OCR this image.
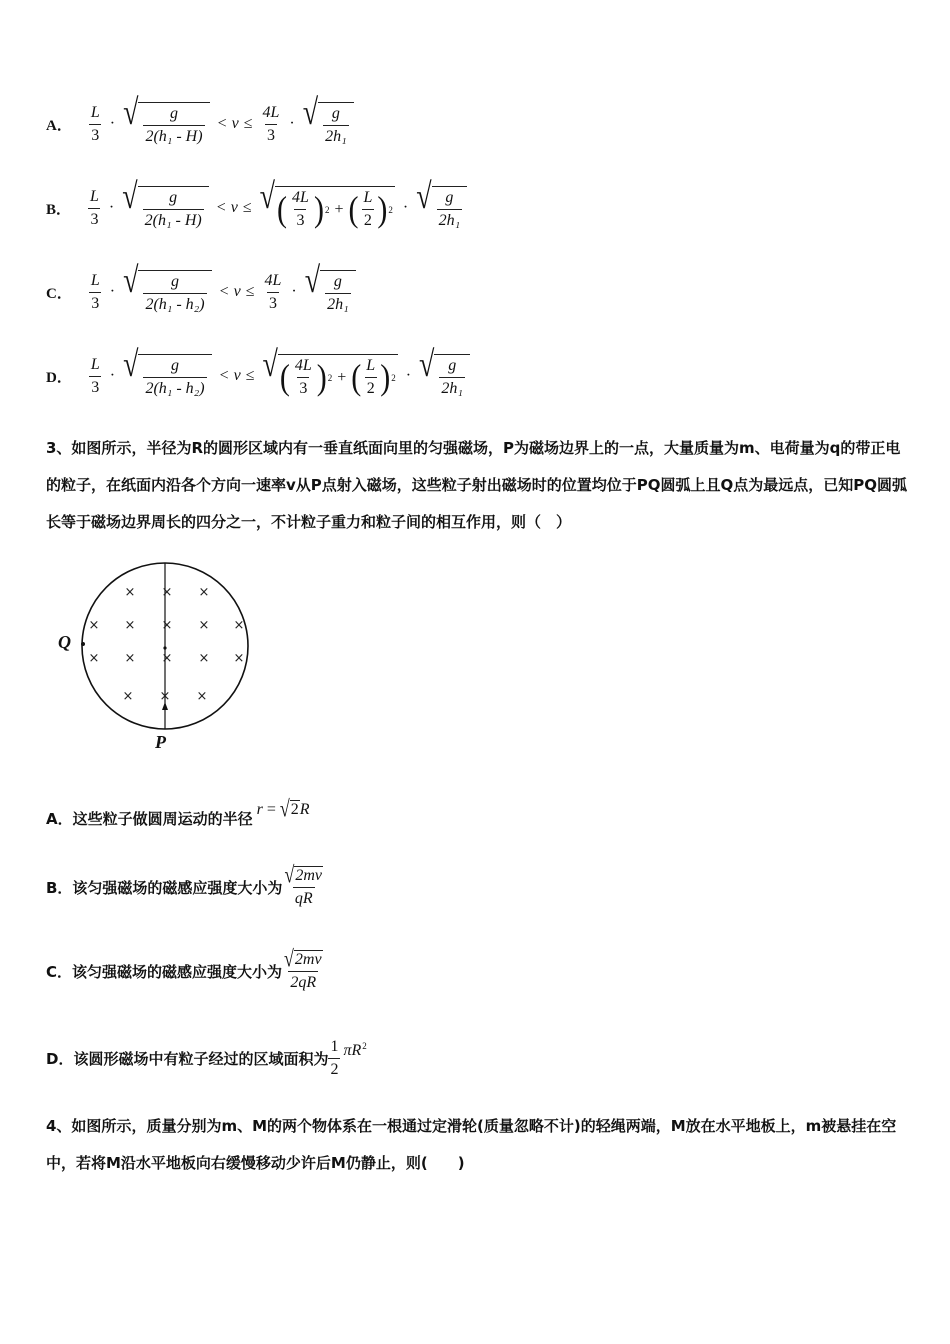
A． $\frac{L}{3}$ · √ $\frac{g}{\text{2(h₁ - H)}} < v \le \frac{4L}{3}$ · √ $\frac{g}{\text{2h₁}}$
B． $\frac{L}{3}$ · √ $\frac{g}{\text{2(h₁ - H)}} < v$ ≤ √ ( $\frac{4L}{3}$ ) 2 + ( $\frac{L}{2}$ ) 2 · √ $\frac{g}{\text{2h₁}}$
C． $\frac{L}{3}$ · √ $\frac{g}{\text{2(h₁ - h₂)}} < v \le \frac{4L}{3}$ · √ $\frac{g}{\text{2h₁}}$
D． $\frac{L}{3}$ · √ $\frac{g}{\text{2(h₁ - h₂)}} < v$ ≤ √ ( $\frac{4L}{3}$ ) 2 + ( $\frac{L}{2}$ ) 2 · √ $\frac{g}{\text{2h₁}}$
3、如图所示，半径为R的圆形区域内有一垂直纸面向里的匀强磁场，P为磁场边界上的一点，大量质量为m、电荷量为q的带正电的粒子，在纸面内沿各个方向一速率v从P点射入磁场，这些粒子射出磁场时的位置均位于PQ圆弧上且Q点为最远点，已知PQ圆弧长等于磁场边界周长的四分之一，不计粒子重力和粒子间的相互作用，则（　）
× × ×
× × × × ×
× × × × ×
× × ×
Q
P
A．这些粒子做圆周运动的半径
r = √ 2 R
B．该匀强磁场的磁感应强度大小为 $\frac{√ 2mv}{qR}$
C．该匀强磁场的磁感应强度大小为 $\frac{√ 2mv}{2qR}$
D．该圆形磁场中有粒子经过的区域面积为 $\frac{1}{2}$ πR 2
4、如图所示，质量分别为m、M的两个物体系在一根通过定滑轮(质量忽略不计)的轻绳两端，M放在水平地板上，m被悬挂在空中，若将M沿水平地板向右缓慢移动少许后M仍静止，则(　　)
